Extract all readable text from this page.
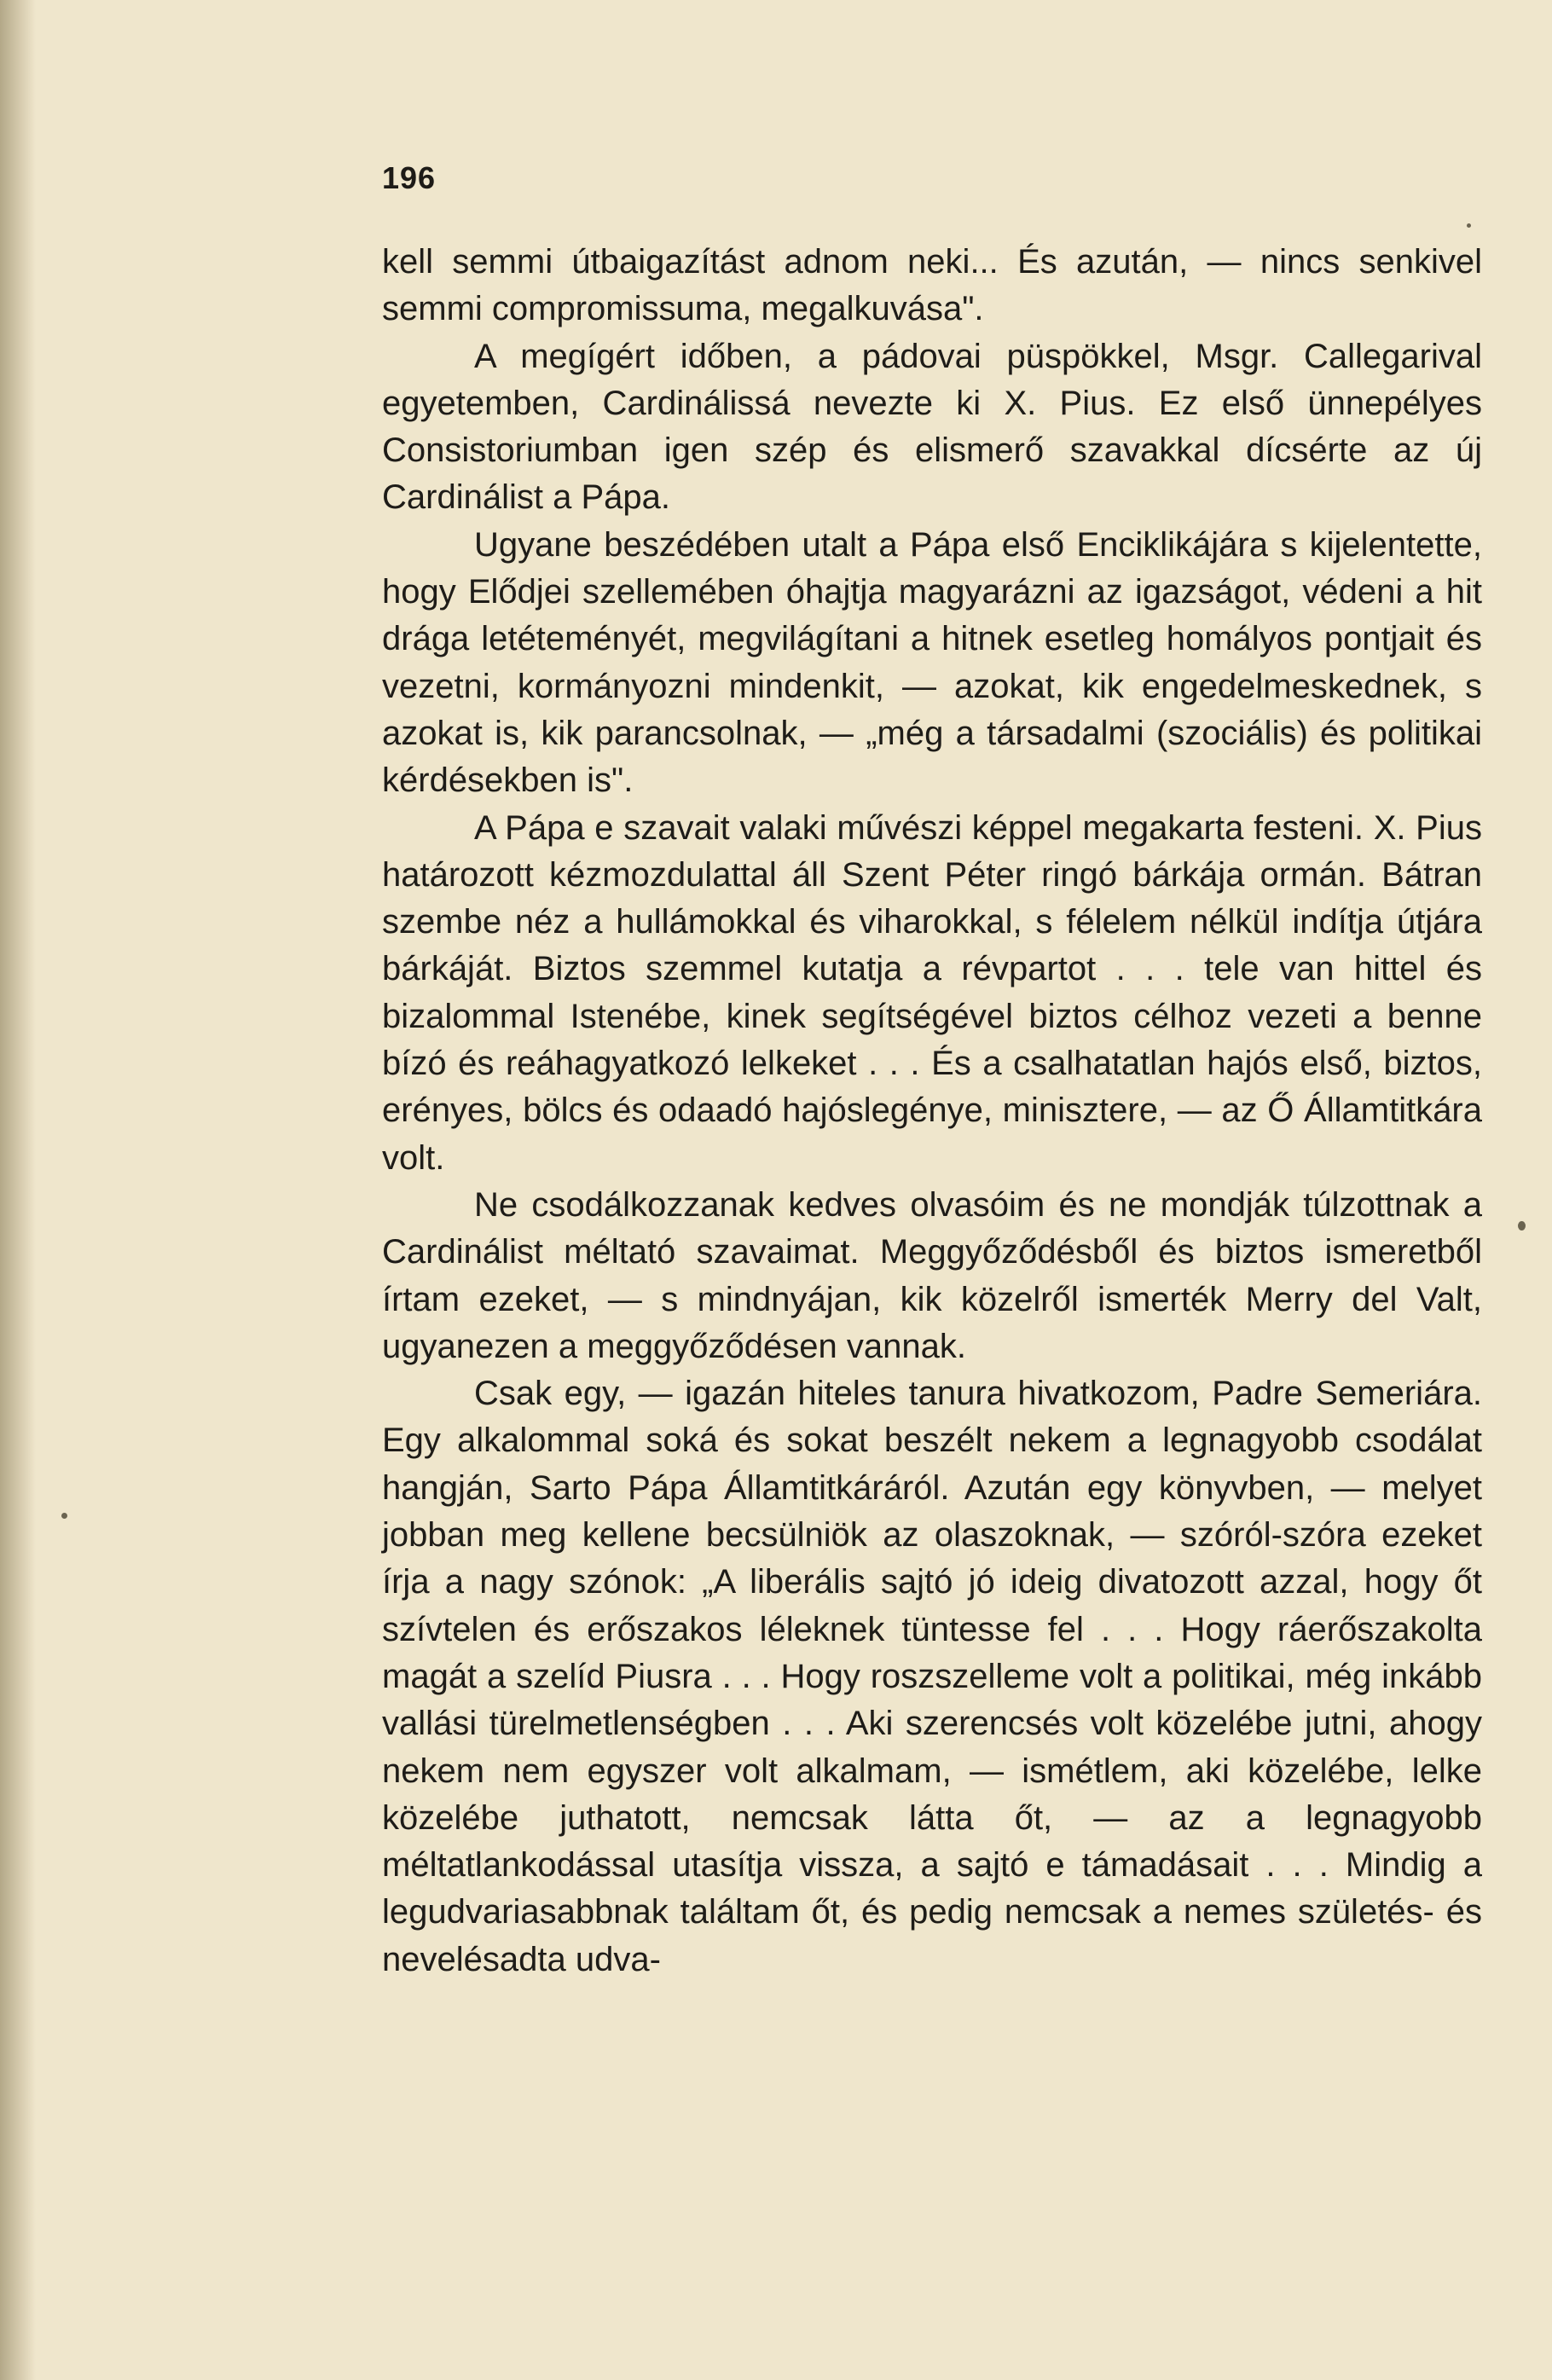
196

kell semmi útbaigazítást adnom neki... És azután, — nincs senkivel semmi compromissuma, megalkuvása".

A megígért időben, a pádovai püspökkel, Msgr. Callegarival egyetemben, Cardinálissá nevezte ki X. Pius. Ez első ünnepélyes Consistoriumban igen szép és elismerő szavakkal dícsérte az új Cardinálist a Pápa.

Ugyane beszédében utalt a Pápa első Enciklikájára s kijelentette, hogy Elődjei szellemében óhajtja magyarázni az igazságot, védeni a hit drága letéteményét, megvilágítani a hitnek esetleg homályos pontjait és vezetni, kormányozni mindenkit, — azokat, kik engedelmeskednek, s azokat is, kik parancsolnak, — „még a társadalmi (szociális) és politikai kérdésekben is".

A Pápa e szavait valaki művészi képpel megakarta festeni. X. Pius határozott kézmozdulattal áll Szent Péter ringó bárkája ormán. Bátran szembe néz a hullámokkal és viharokkal, s félelem nélkül indítja útjára bárkáját. Biztos szemmel kutatja a révpartot . . . tele van hittel és bizalommal Istenébe, kinek segítségével biztos célhoz vezeti a benne bízó és reáhagyatkozó lelkeket . . . És a csalhatatlan hajós első, biztos, erényes, bölcs és odaadó hajóslegénye, minisztere, — az Ő Államtitkára volt.

Ne csodálkozzanak kedves olvasóim és ne mondják túlzottnak a Cardinálist méltató szavaimat. Meggyőződésből és biztos ismeretből írtam ezeket, — s mindnyájan, kik közelről ismerték Merry del Valt, ugyanezen a meggyőződésen vannak.

Csak egy, — igazán hiteles tanura hivatkozom, Padre Semeriára. Egy alkalommal soká és sokat beszélt nekem a legnagyobb csodálat hangján, Sarto Pápa Államtitkáráról. Azután egy könyvben, — melyet jobban meg kellene becsülniök az olaszoknak, — szóról-szóra ezeket írja a nagy szónok: „A liberális sajtó jó ideig divatozott azzal, hogy őt szívtelen és erőszakos léleknek tüntesse fel . . . Hogy ráerőszakolta magát a szelíd Piusra . . . Hogy roszszelleme volt a politikai, még inkább vallási türelmetlenségben . . . Aki szerencsés volt közelébe jutni, ahogy nekem nem egyszer volt alkalmam, — ismétlem, aki közelébe, lelke közelébe juthatott, nemcsak látta őt, — az a legnagyobb méltatlankodással utasítja vissza, a sajtó e támadásait . . . Mindig a legudvariasabbnak találtam őt, és pedig nemcsak a nemes születés- és nevelésadta udva-
